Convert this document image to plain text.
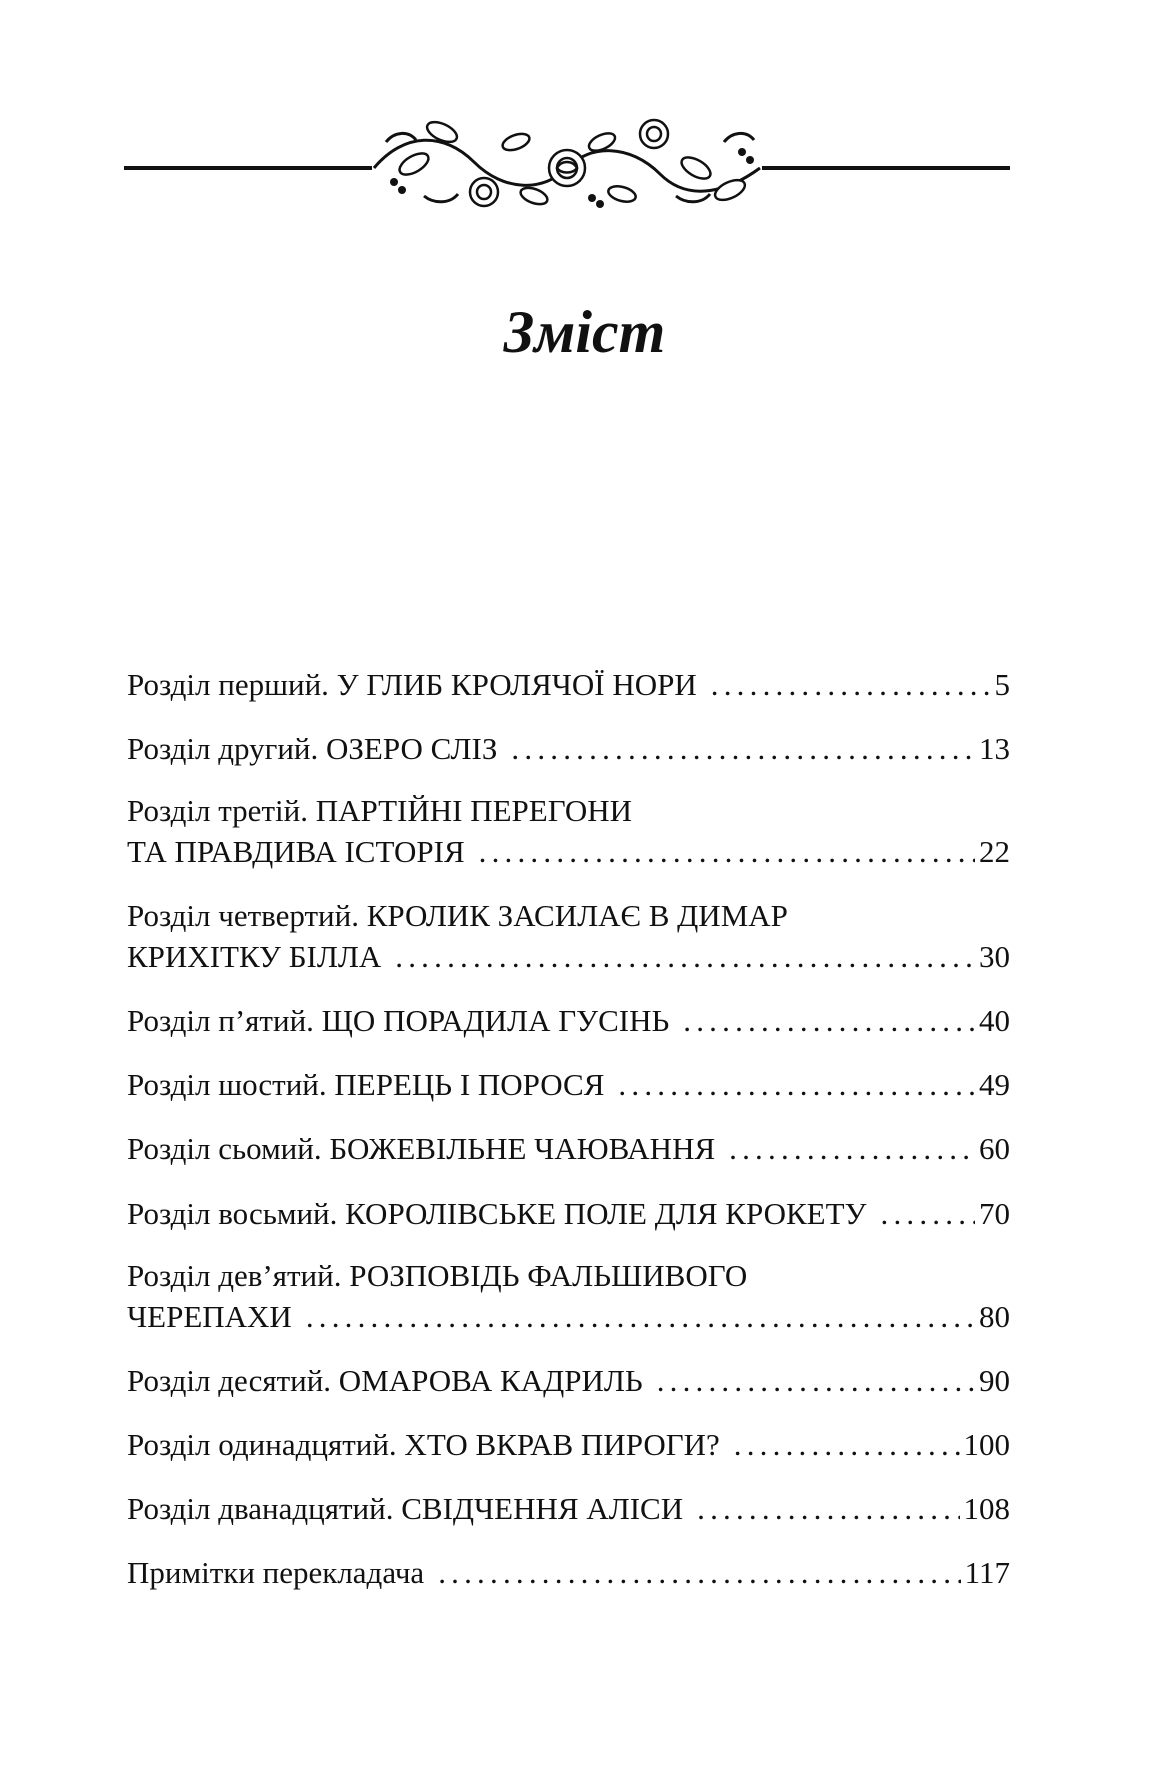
Зміст
Розділ перший. У ГЛИБ КРОЛЯЧОЇ НОРИ .....	5
Розділ другий. ОЗЕРО СЛІЗ .....	13
Розділ третій. ПАРТІЙНІ ПЕРЕГОНИ
ТА ПРАВДИВА ІСТОРІЯ .....	22
Розділ четвертий. КРОЛИК ЗАСИЛАЄ В ДИМАР
КРИХІТКУ БІЛЛА .....	30
Розділ п’ятий. ЩО ПОРАДИЛА ГУСІНЬ .....	40
Розділ шостий. ПЕРЕЦЬ І ПОРОСЯ .....	49
Розділ сьомий. БОЖЕВІЛЬНЕ ЧАЮВАННЯ .....	60
Розділ восьмий. КОРОЛІВСЬКЕ ПОЛЕ ДЛЯ КРОКЕТУ .....	70
Розділ дев’ятий. РОЗПОВІДЬ ФАЛЬШИВОГО
ЧЕРЕПАХИ .....	80
Розділ десятий. ОМАРОВА КАДРИЛЬ .....	90
Розділ одинадцятий. ХТО ВКРАВ ПИРОГИ? .....	100
Розділ дванадцятий. СВІДЧЕННЯ АЛІСИ .....	108
Примітки перекладача .....	117
